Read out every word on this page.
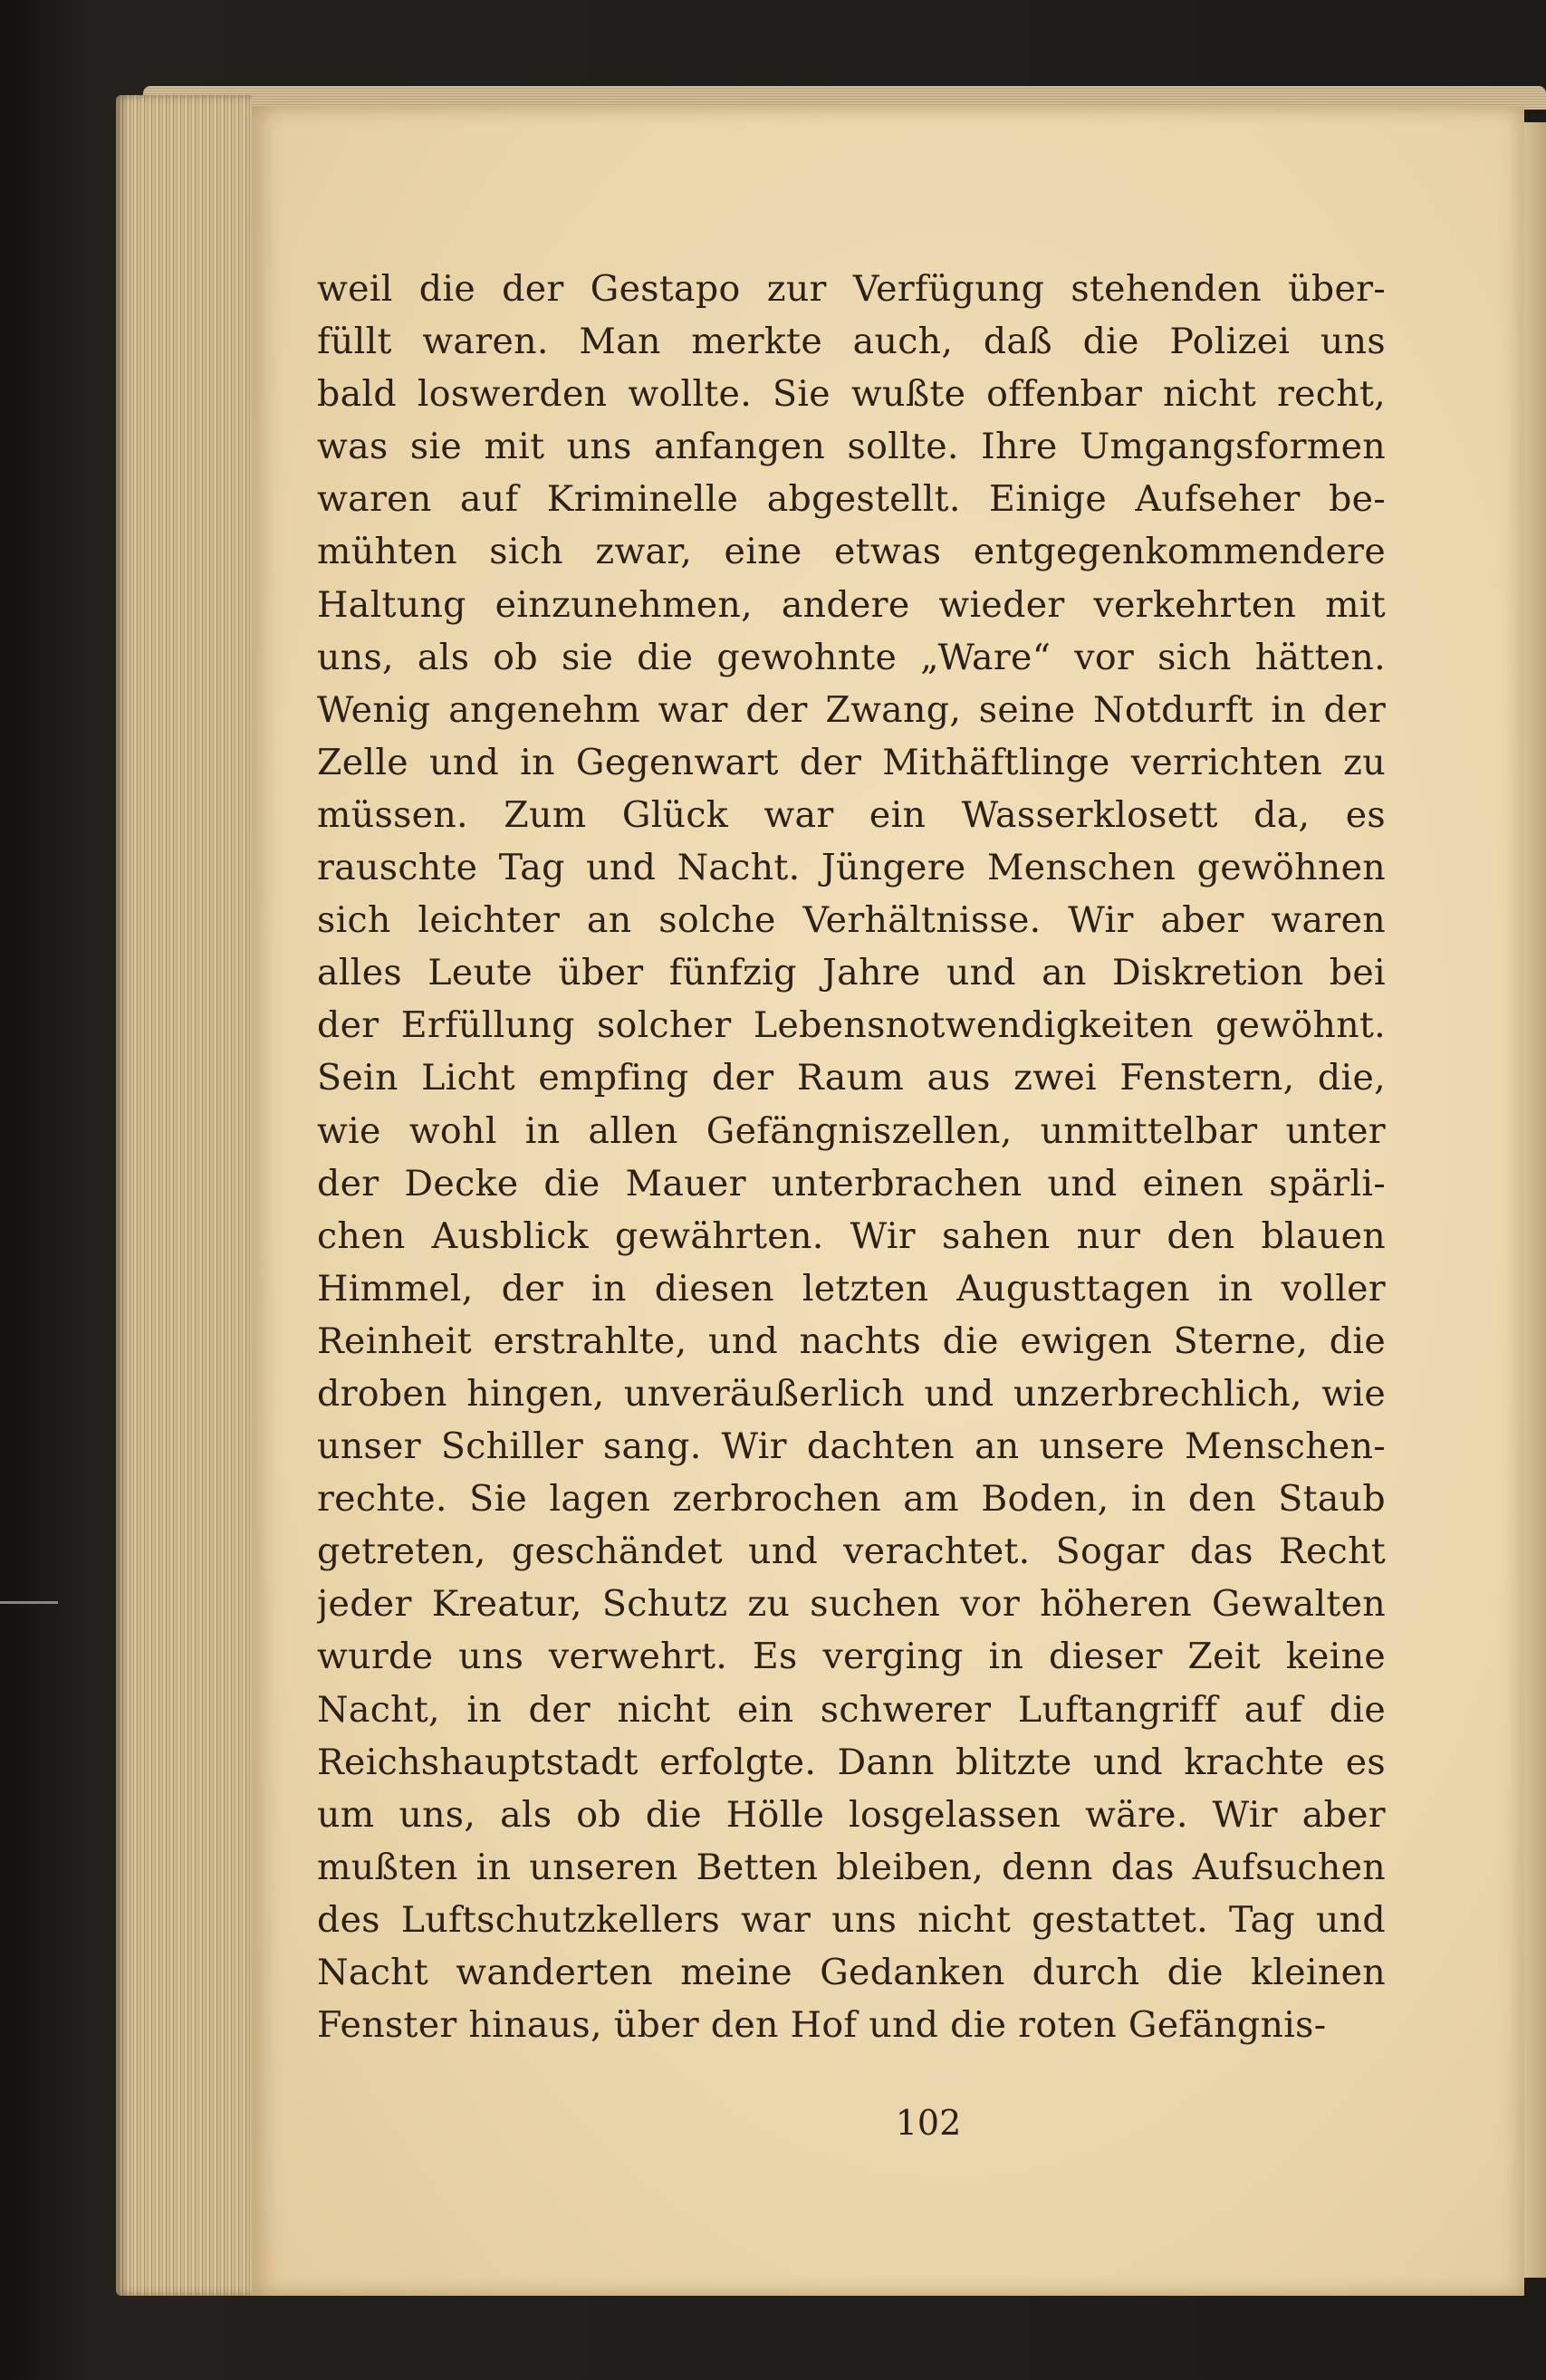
weil die der Gestapo zur Verfügung stehenden über-
füllt waren. Man merkte auch, daß die Polizei uns
bald loswerden wollte. Sie wußte offenbar nicht recht,
was sie mit uns anfangen sollte. Ihre Umgangsformen
waren auf Kriminelle abgestellt. Einige Aufseher be-
mühten sich zwar, eine etwas entgegenkommendere
Haltung einzunehmen, andere wieder verkehrten mit
uns, als ob sie die gewohnte „Ware“ vor sich hätten.
Wenig angenehm war der Zwang, seine Notdurft in der
Zelle und in Gegenwart der Mithäftlinge verrichten zu
müssen. Zum Glück war ein Wasserklosett da, es
rauschte Tag und Nacht. Jüngere Menschen gewöhnen
sich leichter an solche Verhältnisse. Wir aber waren
alles Leute über fünfzig Jahre und an Diskretion bei
der Erfüllung solcher Lebensnotwendigkeiten gewöhnt.
Sein Licht empfing der Raum aus zwei Fenstern, die,
wie wohl in allen Gefängniszellen, unmittelbar unter
der Decke die Mauer unterbrachen und einen spärli-
chen Ausblick gewährten. Wir sahen nur den blauen
Himmel, der in diesen letzten Augusttagen in voller
Reinheit erstrahlte, und nachts die ewigen Sterne, die
droben hingen, unveräußerlich und unzerbrechlich, wie
unser Schiller sang. Wir dachten an unsere Menschen-
rechte. Sie lagen zerbrochen am Boden, in den Staub
getreten, geschändet und verachtet. Sogar das Recht
jeder Kreatur, Schutz zu suchen vor höheren Gewalten
wurde uns verwehrt. Es verging in dieser Zeit keine
Nacht, in der nicht ein schwerer Luftangriff auf die
Reichshauptstadt erfolgte. Dann blitzte und krachte es
um uns, als ob die Hölle losgelassen wäre. Wir aber
mußten in unseren Betten bleiben, denn das Aufsuchen
des Luftschutzkellers war uns nicht gestattet. Tag und
Nacht wanderten meine Gedanken durch die kleinen
Fenster hinaus, über den Hof und die roten Gefängnis-
102
